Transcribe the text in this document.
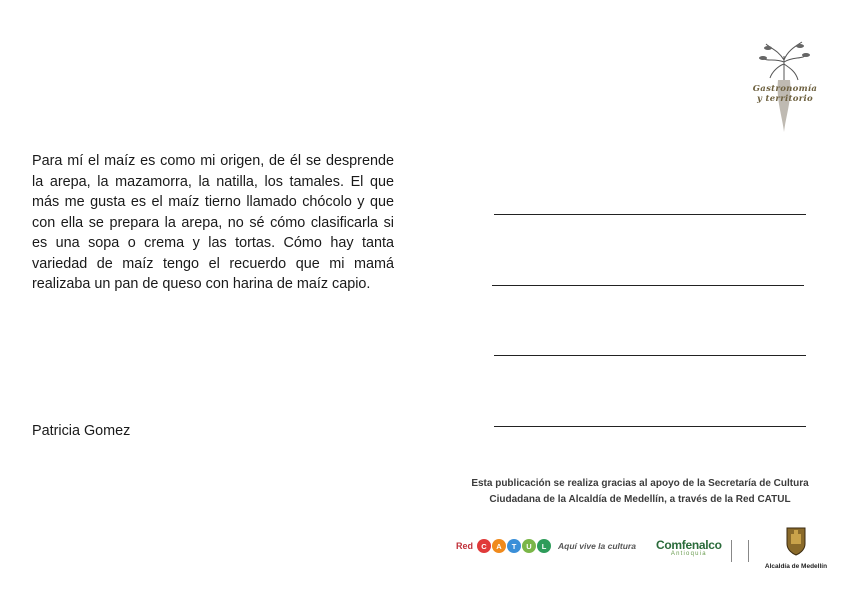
Gastronomía
y territorio

Para mí el maíz es como mi origen, de él se desprende la arepa, la mazamorra, la natilla, los tamales. El que más me gusta es el maíz tierno llamado chócolo y que con ella se prepara la arepa, no sé cómo clasificarla si es una sopa o crema y las tortas. Cómo hay tanta variedad de maíz tengo el recuerdo que mi mamá realizaba un pan de queso con harina de maíz capio.

Patricia Gomez

Esta publicación se realiza gracias al apoyo de la Secretaría de Cultura
Ciudadana de la Alcaldía de Medellín, a través de la Red CATUL
Red	C	A	T	U	L	Aquí vive la cultura Comfenalco
Antioquia
Alcaldía de Medellín
